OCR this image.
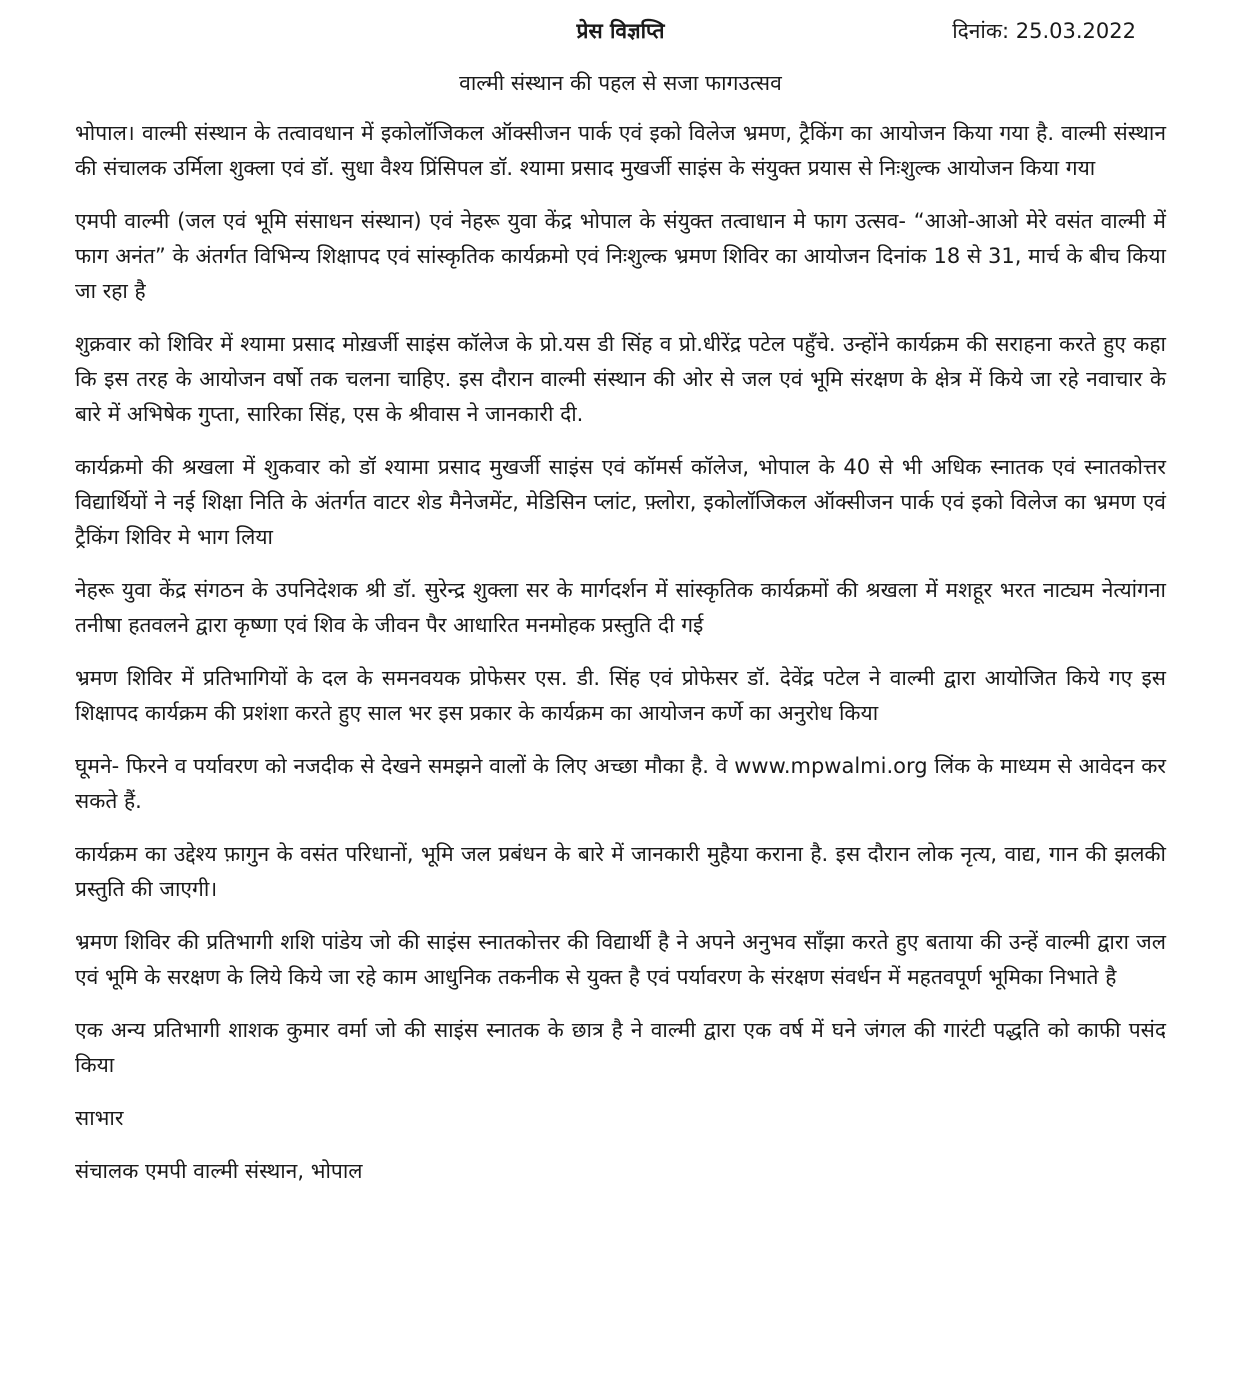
प्रेस विज्ञप्ति	दिनांक: 25.03.2022
वाल्मी संस्थान की पहल से सजा फागउत्सव

भोपाल। वाल्मी संस्थान के तत्वावधान में इकोलॉजिकल ऑक्सीजन पार्क एवं इको विलेज भ्रमण, ट्रैकिंग का आयोजन किया गया है. वाल्मी संस्थान की संचालक उर्मिला शुक्ला एवं डॉ. सुधा वैश्य प्रिंसिपल डॉ. श्यामा प्रसाद मुखर्जी साइंस के संयुक्त प्रयास से निःशुल्क आयोजन किया गया

एमपी वाल्मी (जल एवं भूमि संसाधन संस्थान) एवं नेहरू युवा केंद्र भोपाल के संयुक्त तत्वाधान मे फाग उत्सव- “आओ-आओ मेरे वसंत वाल्मी में फाग अनंत” के अंतर्गत विभिन्य शिक्षापद एवं सांस्कृतिक कार्यक्रमो एवं निःशुल्क भ्रमण शिविर का आयोजन दिनांक 18 से 31, मार्च के बीच किया जा रहा है

शुक्रवार को शिविर में श्यामा प्रसाद मोख़र्जी साइंस कॉलेज के प्रो.यस डी सिंह व प्रो.धीरेंद्र पटेल पहुँचे. उन्होंने कार्यक्रम की सराहना करते हुए कहा कि इस तरह के आयोजन वर्षो तक चलना चाहिए. इस दौरान वाल्मी संस्थान की ओर से जल एवं भूमि संरक्षण के क्षेत्र में किये जा रहे नवाचार के बारे में अभिषेक गुप्ता, सारिका सिंह, एस के श्रीवास ने जानकारी दी.

कार्यक्रमो की श्रखला में शुकवार को डॉ श्यामा प्रसाद मुखर्जी साइंस एवं कॉमर्स कॉलेज, भोपाल के 40 से भी अधिक स्नातक एवं स्नातकोत्तर विद्यार्थियों ने नई शिक्षा निति के अंतर्गत वाटर शेड मैनेजमेंट, मेडिसिन प्लांट, फ़्लोरा, इकोलॉजिकल ऑक्सीजन पार्क एवं इको विलेज का भ्रमण एवं ट्रैकिंग शिविर मे भाग लिया

नेहरू युवा केंद्र संगठन के उपनिदेशक श्री डॉ. सुरेन्द्र शुक्ला सर के मार्गदर्शन में सांस्कृतिक कार्यक्रमों की श्रखला में मशहूर भरत नाट्यम नेत्यांगना तनीषा हतवलने द्वारा कृष्णा एवं शिव के जीवन पैर आधारित मनमोहक प्रस्तुति दी गई

भ्रमण शिविर में प्रतिभागियों के दल के समनवयक प्रोफेसर एस. डी. सिंह एवं प्रोफेसर डॉ. देवेंद्र पटेल ने वाल्मी द्वारा आयोजित किये गए इस शिक्षापद कार्यक्रम की प्रशंशा करते हुए साल भर इस प्रकार के कार्यक्रम का आयोजन कर्णे का अनुरोध किया

घूमने- फिरने व पर्यावरण को नजदीक से देखने समझने वालों के लिए अच्छा मौका है. वे www.mpwalmi.org लिंक के माध्यम से आवेदन कर सकते हैं.

कार्यक्रम का उद्देश्य फ़ागुन के वसंत परिधानों, भूमि जल प्रबंधन के बारे में जानकारी मुहैया कराना है. इस दौरान लोक नृत्य, वाद्य, गान की झलकी प्रस्तुति की जाएगी।

भ्रमण शिविर की प्रतिभागी शशि पांडेय जो की साइंस स्नातकोत्तर की विद्यार्थी है ने अपने अनुभव साँझा करते हुए बताया की उन्हें वाल्मी द्वारा जल एवं भूमि के सरक्षण के लिये किये जा रहे काम आधुनिक तकनीक से युक्त है एवं पर्यावरण के संरक्षण संवर्धन में महतवपूर्ण भूमिका निभाते है

एक अन्य प्रतिभागी शाशक कुमार वर्मा जो की साइंस स्नातक के छात्र है ने वाल्मी द्वारा एक वर्ष में घने जंगल की गारंटी पद्धति को काफी पसंद किया

साभार

संचालक एमपी वाल्मी संस्थान, भोपाल
